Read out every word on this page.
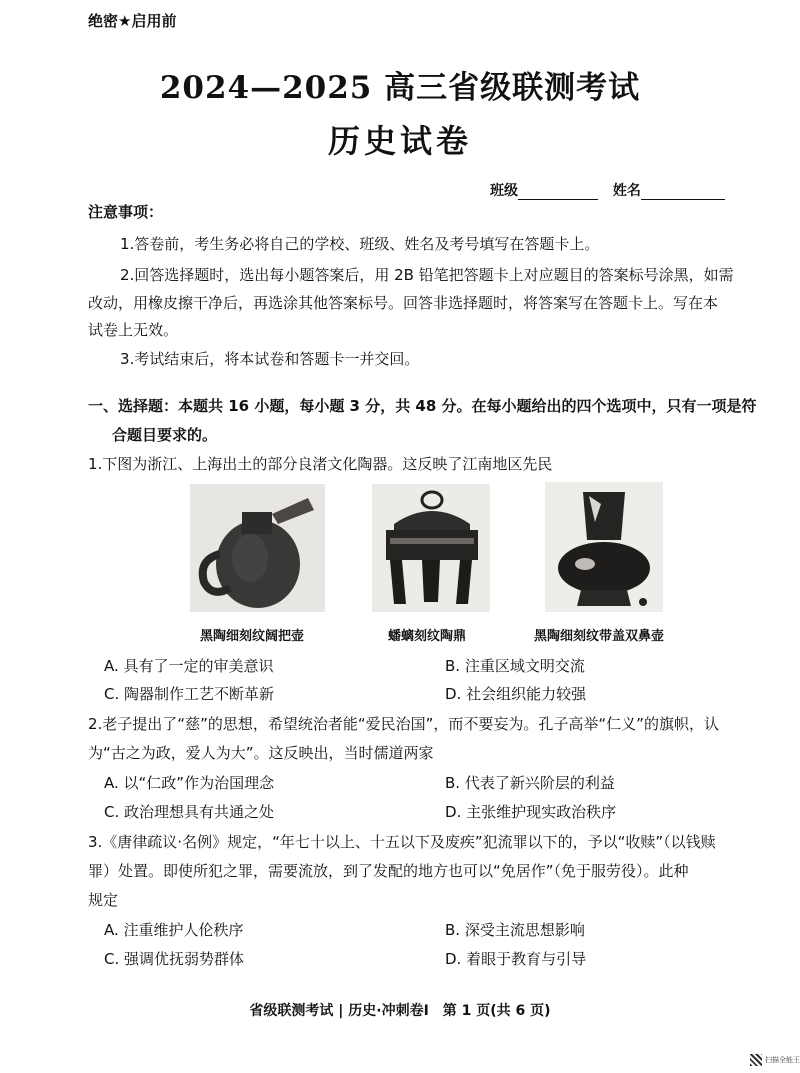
绝密★启用前
2024—2025 高三省级联测考试
历史试卷
班级	姓名
注意事项：
1.答卷前，考生务必将自己的学校、班级、姓名及考号填写在答题卡上。
2.回答选择题时，选出每小题答案后，用 2B 铅笔把答题卡上对应题目的答案标号涂黑，如需
改动，用橡皮擦干净后，再选涂其他答案标号。回答非选择题时，将答案写在答题卡上。写在本
试卷上无效。
3.考试结束后，将本试卷和答题卡一并交回。
一、选择题：本题共 16 小题，每小题 3 分，共 48 分。在每小题给出的四个选项中，只有一项是符
合题目要求的。
1.下图为浙江、上海出土的部分良渚文化陶器。这反映了江南地区先民
黑陶细刻纹阔把壶	蟠螭刻纹陶鼎	黑陶细刻纹带盖双鼻壶
A. 具有了一定的审美意识	B. 注重区域文明交流
C. 陶器制作工艺不断革新	D. 社会组织能力较强
2.老子提出了“慈”的思想，希望统治者能“爱民治国”，而不要妄为。孔子高举“仁义”的旗帜，认
为“古之为政，爱人为大”。这反映出，当时儒道两家
A. 以“仁政”作为治国理念	B. 代表了新兴阶层的利益
C. 政治理想具有共通之处	D. 主张维护现实政治秩序
3.《唐律疏议·名例》规定，“年七十以上、十五以下及废疾”犯流罪以下的，予以“收赎”（以钱赎
罪）处置。即使所犯之罪，需要流放，到了发配的地方也可以“免居作”（免于服劳役）。此种
规定
A. 注重维护人伦秩序	B. 深受主流思想影响
C. 强调优抚弱势群体	D. 着眼于教育与引导
省级联测考试 | 历史·冲刺卷Ⅰ　第 1 页(共 6 页)
扫描全能王
